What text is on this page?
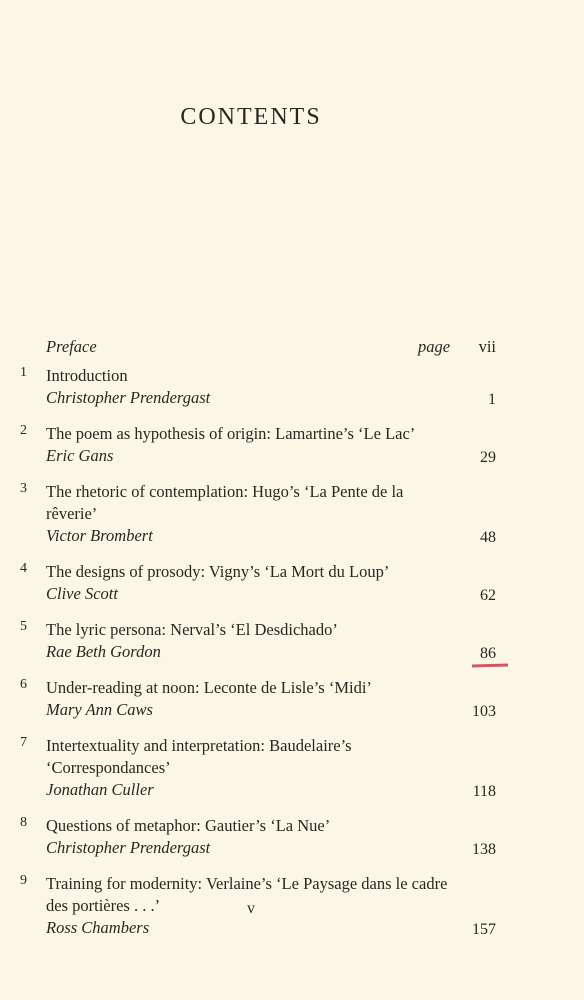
CONTENTS
Preface	page vii
1 Introduction
Christopher Prendergast	1
2 The poem as hypothesis of origin: Lamartine’s ‘Le Lac’
Eric Gans	29
3 The rhetoric of contemplation: Hugo’s ‘La Pente de la rêverie’
Victor Brombert	48
4 The designs of prosody: Vigny’s ‘La Mort du Loup’
Clive Scott	62
5 The lyric persona: Nerval’s ‘El Desdichado’
Rae Beth Gordon	86
6 Under-reading at noon: Leconte de Lisle’s ‘Midi’
Mary Ann Caws	103
7 Intertextuality and interpretation: Baudelaire’s ‘Correspondances’
Jonathan Culler	118
8 Questions of metaphor: Gautier’s ‘La Nue’
Christopher Prendergast	138
9 Training for modernity: Verlaine’s ‘Le Paysage dans le cadre des portières . . .’
Ross Chambers	157
v
